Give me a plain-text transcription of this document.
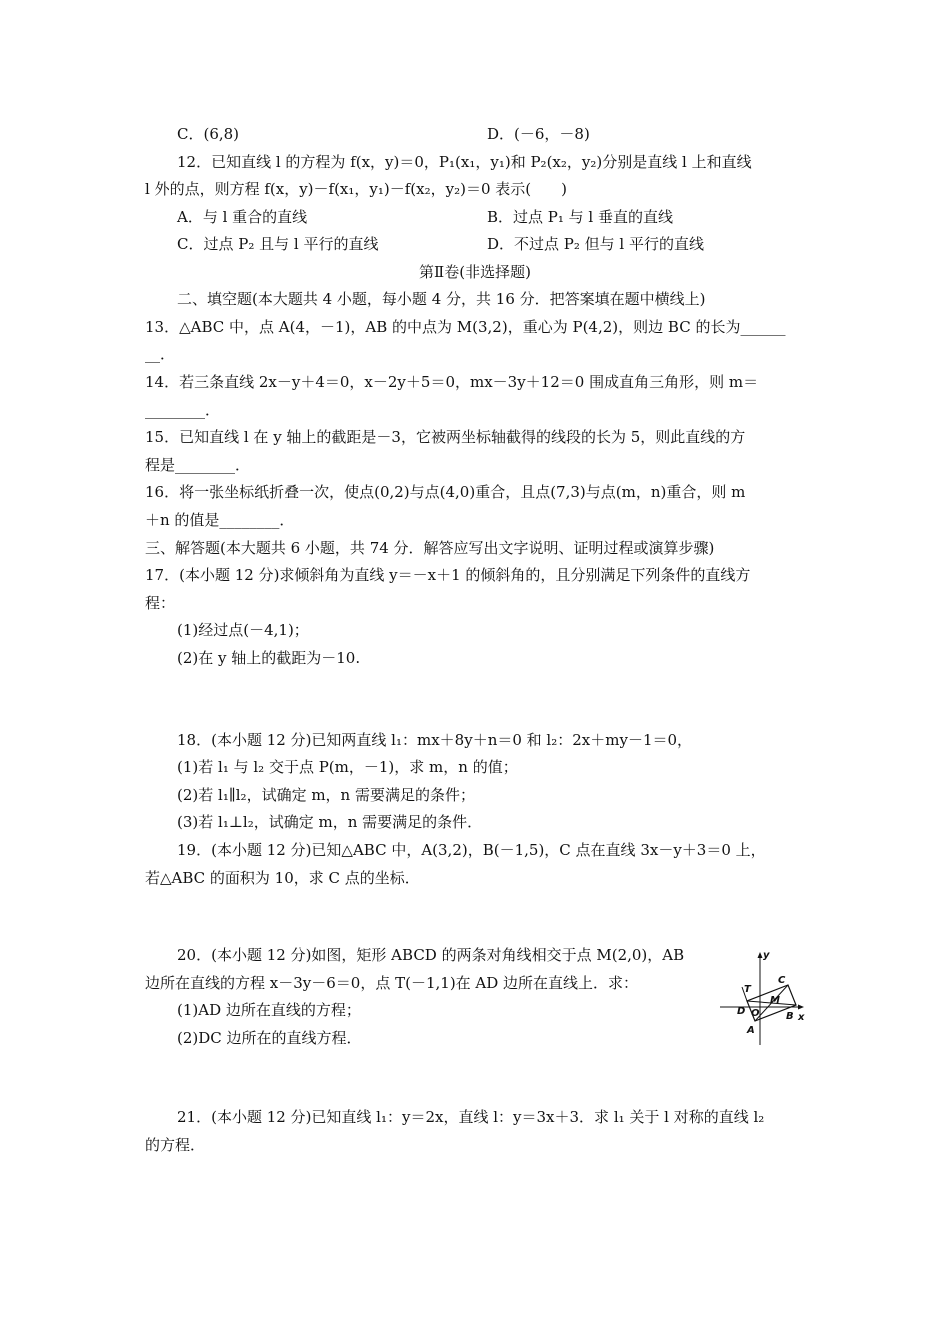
C．(6,8)	D．(－6，－8)
12．已知直线 l 的方程为 f(x，y)＝0，P₁(x₁，y₁)和 P₂(x₂，y₂)分别是直线 l 上和直线
l 外的点，则方程 f(x，y)－f(x₁，y₁)－f(x₂，y₂)＝0 表示(　　)
A．与 l 重合的直线	B．过点 P₁ 与 l 垂直的直线
C．过点 P₂ 且与 l 平行的直线	D．不过点 P₂ 但与 l 平行的直线
第Ⅱ卷(非选择题)
二、填空题(本大题共 4 小题，每小题 4 分，共 16 分．把答案填在题中横线上)
13．△ABC 中，点 A(4，－1)，AB 的中点为 M(3,2)，重心为 P(4,2)，则边 BC 的长为______
__．
14．若三条直线 2x－y＋4＝0，x－2y＋5＝0，mx－3y＋12＝0 围成直角三角形，则 m＝
________．
15．已知直线 l 在 y 轴上的截距是－3，它被两坐标轴截得的线段的长为 5，则此直线的方
程是________．
16．将一张坐标纸折叠一次，使点(0,2)与点(4,0)重合，且点(7,3)与点(m，n)重合，则 m
＋n 的值是________．
三、解答题(本大题共 6 小题，共 74 分．解答应写出文字说明、证明过程或演算步骤)
17．(本小题 12 分)求倾斜角为直线 y＝－x＋1 的倾斜角的，且分别满足下列条件的直线方
程：
(1)经过点(－4,1)；
(2)在 y 轴上的截距为－10.
18．(本小题 12 分)已知两直线 l₁：mx＋8y＋n＝0 和 l₂：2x＋my－1＝0，
(1)若 l₁ 与 l₂ 交于点 P(m，－1)，求 m，n 的值；
(2)若 l₁∥l₂，试确定 m，n 需要满足的条件；
(3)若 l₁⊥l₂，试确定 m，n 需要满足的条件．
19．(本小题 12 分)已知△ABC 中，A(3,2)，B(－1,5)，C 点在直线 3x－y＋3＝0 上，
若△ABC 的面积为 10，求 C 点的坐标．
20．(本小题 12 分)如图，矩形 ABCD 的两条对角线相交于点 M(2,0)，AB
边所在直线的方程 x－3y－6＝0，点 T(－1,1)在 AD 边所在直线上．求：
(1)AD 边所在直线的方程；
(2)DC 边所在的直线方程．
y
x
T
C
M
D O	B
A
21．(本小题 12 分)已知直线 l₁：y＝2x，直线 l：y＝3x＋3．求 l₁ 关于 l 对称的直线 l₂
的方程．
